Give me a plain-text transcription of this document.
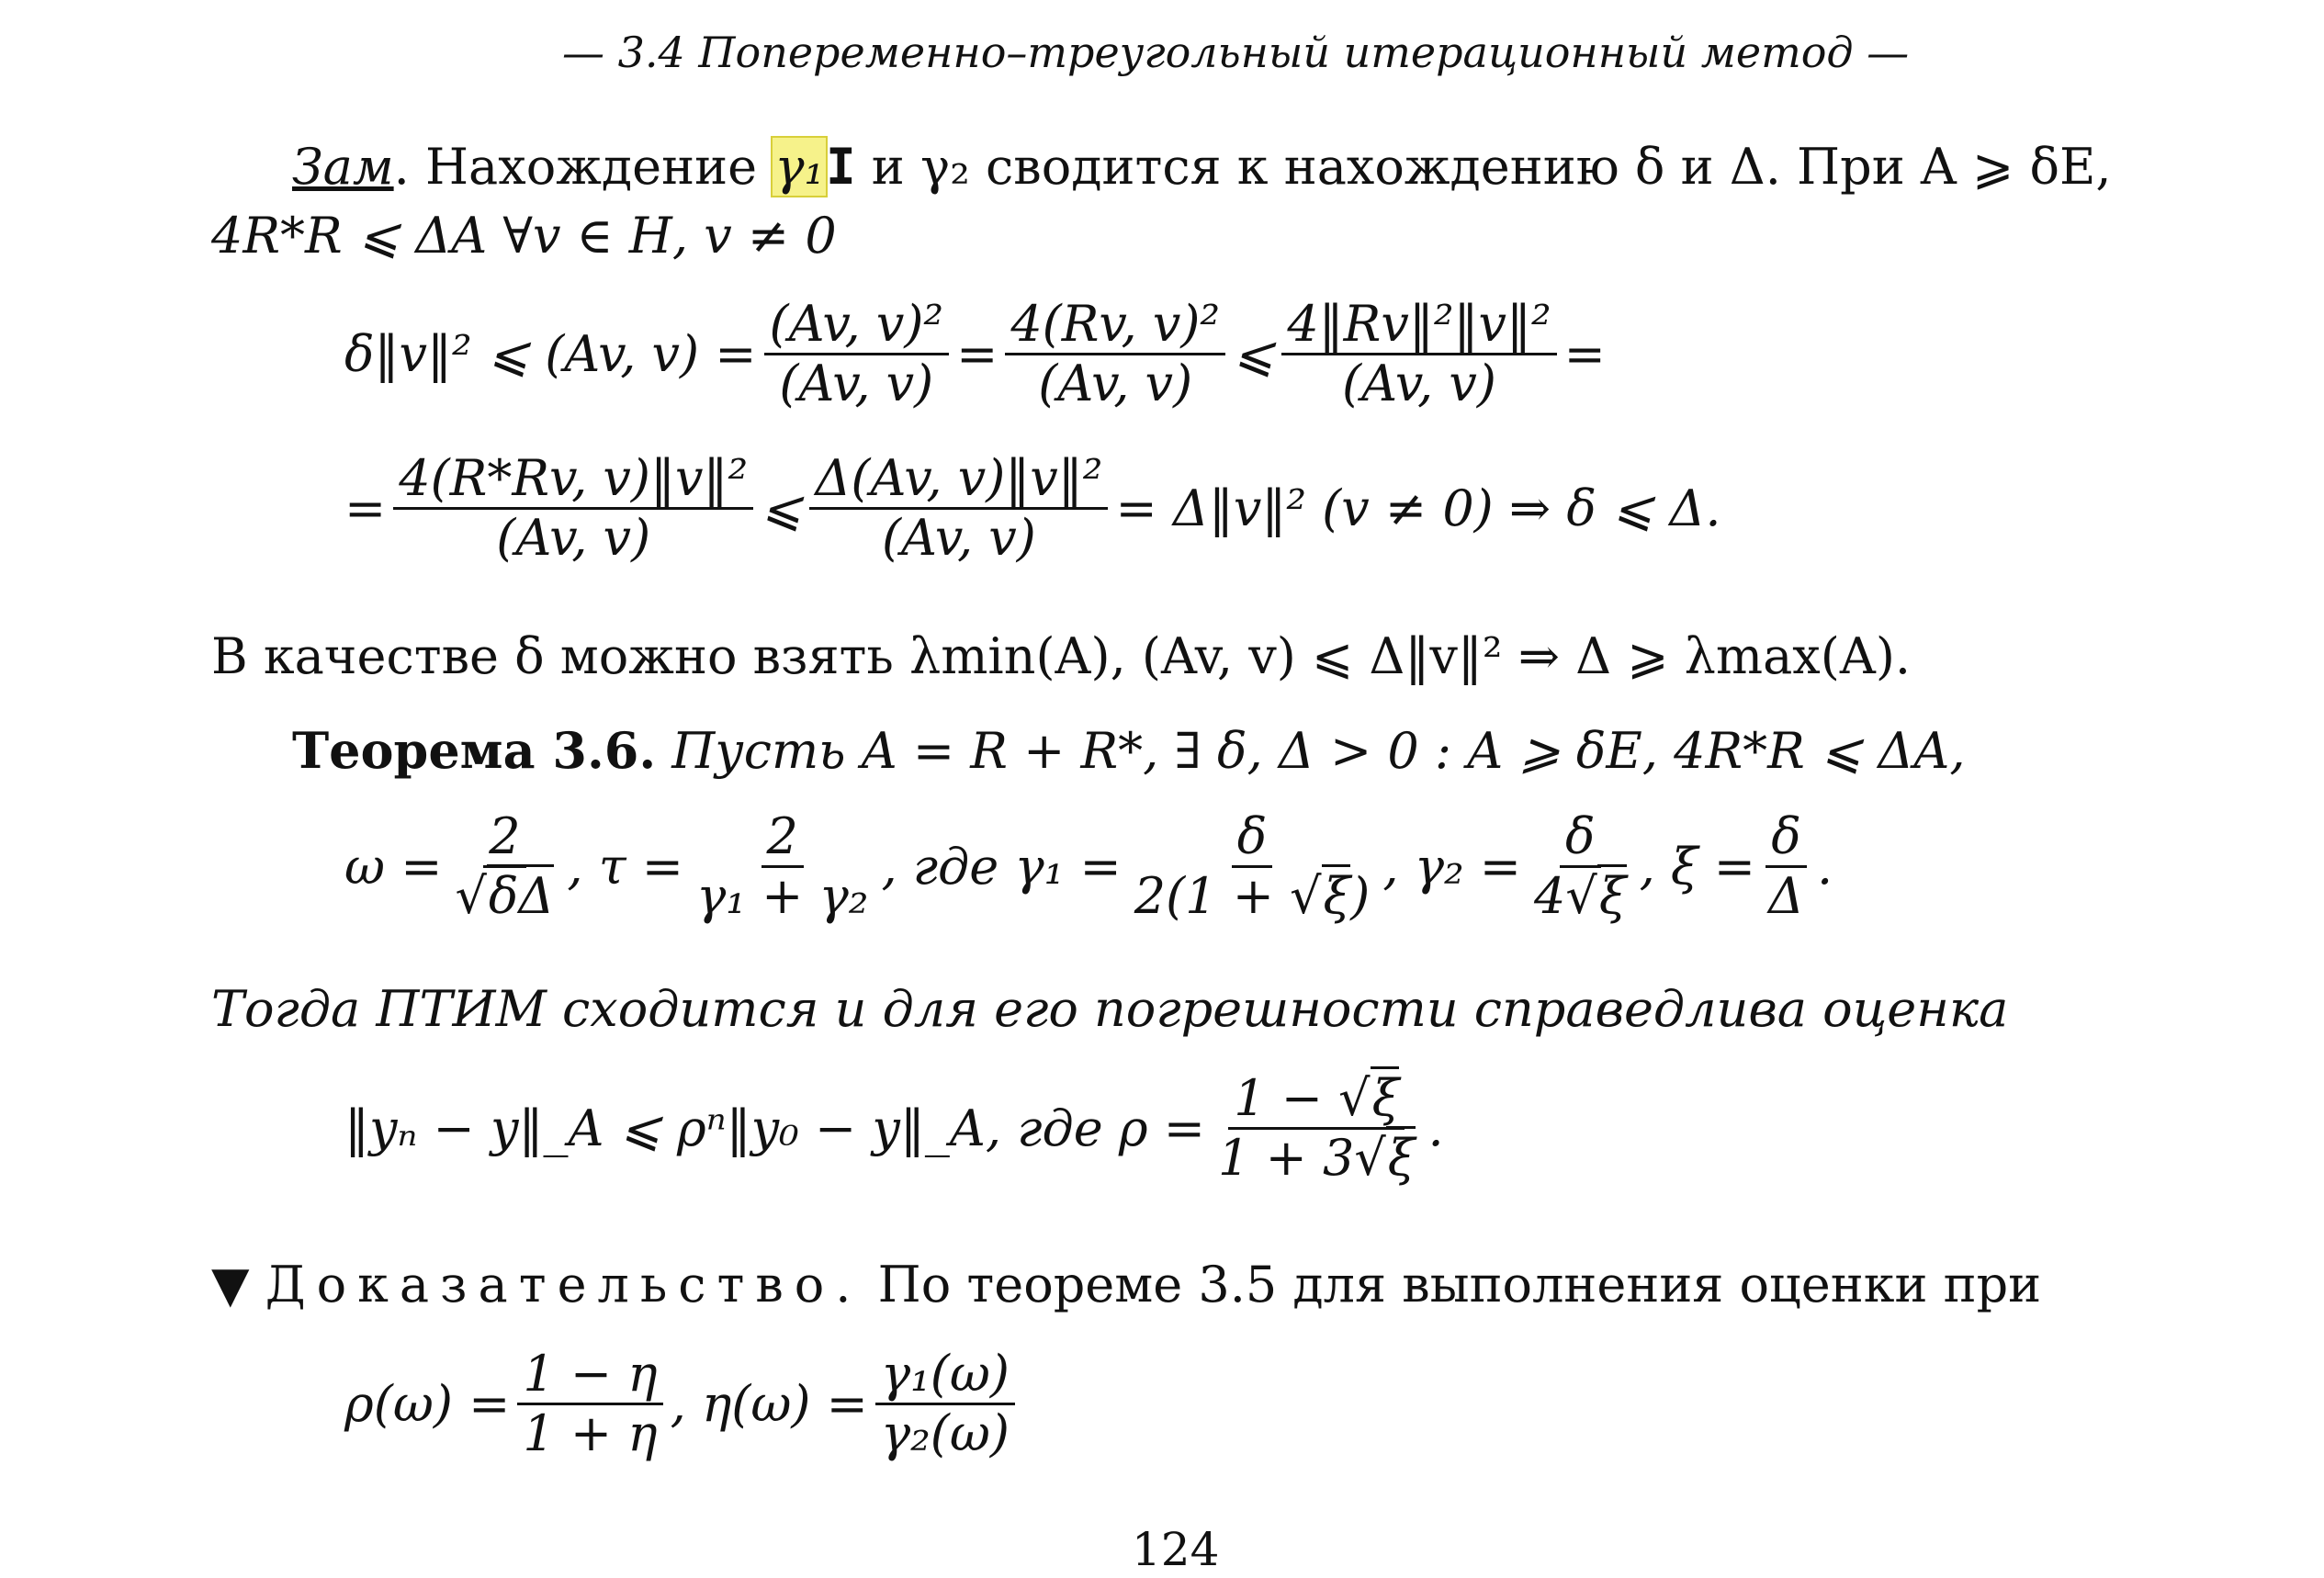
— 3.4 Попеременно–треугольный итерационный метод —
Зам. Нахождение γ₁I и γ₂ сводится к нахождению δ и Δ. При A ⩾ δE,
4R*R ⩽ ΔA ∀v ∈ H, v ≠ 0
δ‖v‖² ⩽ (Av, $v) = \frac{\text{(Av, v)²}}{(Av, v)} = \frac{\text{4(Rv, v)²}}{(Av, v)}$ ⩽ $\frac{\text{4‖Rv‖²‖v‖²}}{(Av, v)}$ =
= $\frac{\text{4(R*Rv, v)‖v‖²}}{(Av, v)}$ ⩽ $\frac{\text{Δ(Av, v)‖v‖²}}{(Av, v)}$ = Δ‖v‖² (v ≠ 0) ⇒ δ ⩽ Δ.
В качестве δ можно взять λmin(A), (Av, v) ⩽ Δ‖v‖² ⇒ Δ ⩾ λmax(A).
Теорема 3.6. Пусть A = R + R*, ∃ δ, Δ > 0 : A ⩾ δE, 4R*R ⩽ ΔA,
$\omega = \frac{2}{√\delta\Delta}$ , $\tau = \frac{2}{\text{γ₁ + γ₂}}$ , где $\gamma_1 = \frac{\delta}{2(1 + √\xi)}$ , $\gamma_2 = \frac{\delta}{4√\xi}$ , $\xi = \frac{\delta}{\Delta}$ .
Тогда ПТИМ сходится и для его погрешности справедлива оценка
‖yₙ − y‖_A ⩽ ρⁿ‖y₀ − y‖_A, где $\rho = \frac{1 - √\xi}{1 + 3√\xi}$ .
▼ Доказательство. По теореме 3.5 для выполнения оценки при
$\rho(\omega) = \frac{1 - \eta}{1 + \eta}$ , $\eta(\omega) = \frac{\text{γ₁(ω)}}{\text{γ₂(ω)}}$
124
